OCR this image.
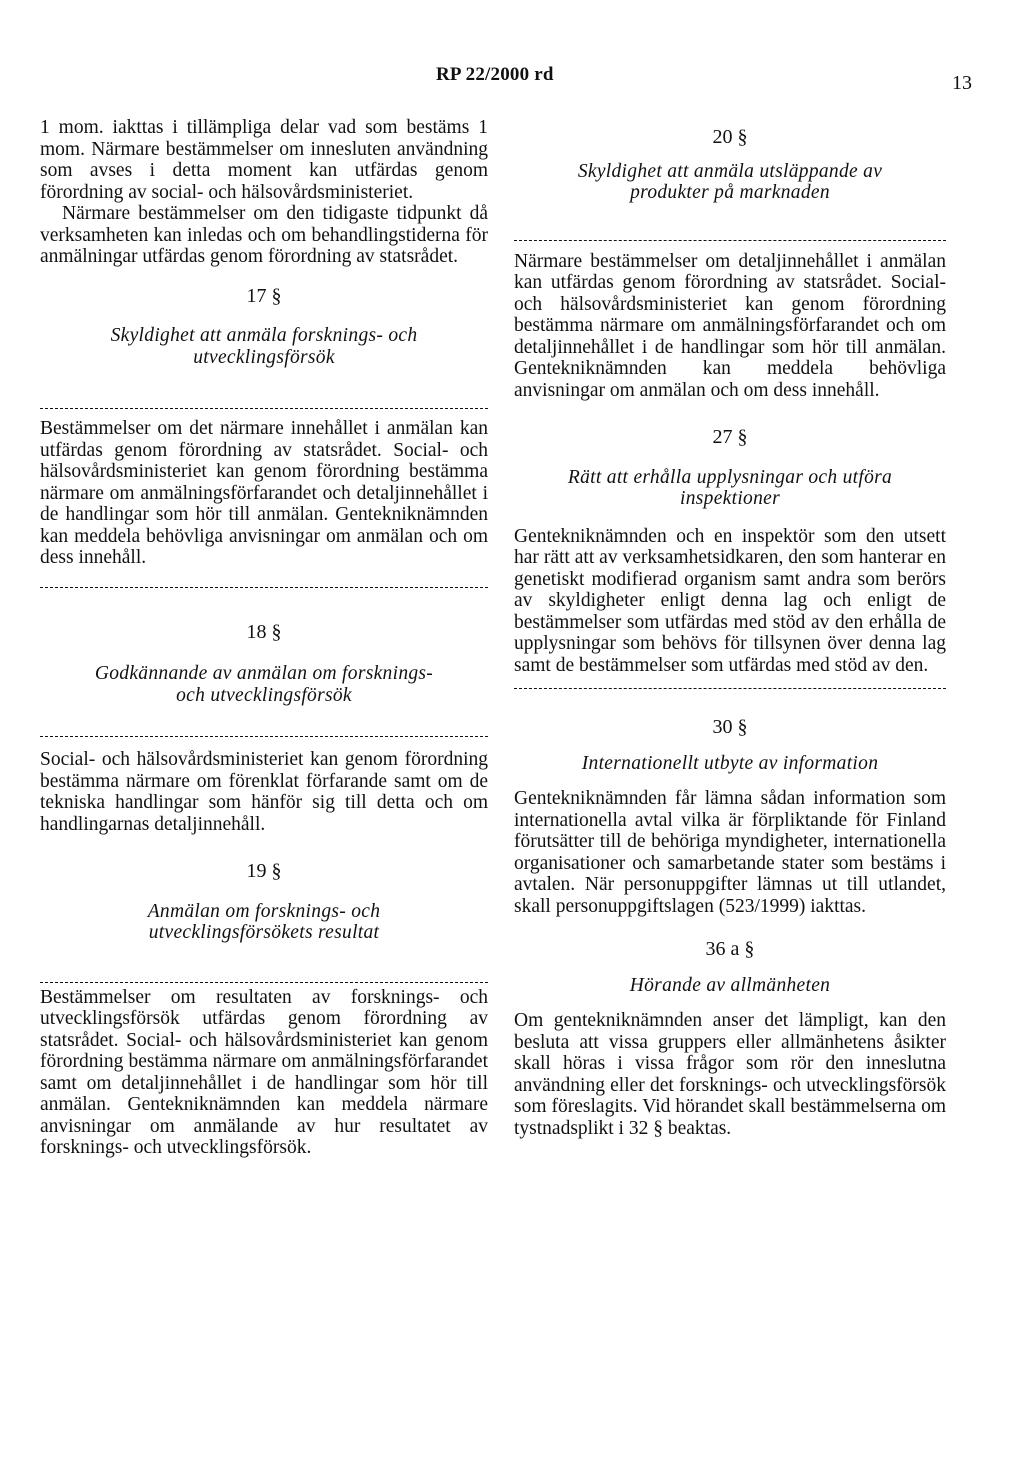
RP 22/2000 rd	13

1 mom. iakttas i tillämpliga delar vad som bestäms 1 mom. Närmare bestämmelser om innesluten användning som avses i detta moment kan utfärdas genom förordning av social- och hälsovårdsministeriet.

Närmare bestämmelser om den tidigaste tidpunkt då verksamheten kan inledas och om behandlingstiderna för anmälningar utfärdas genom förordning av statsrådet.

17 §

Skyldighet att anmäla forsknings- och utvecklingsförsök

Bestämmelser om det närmare innehållet i anmälan kan utfärdas genom förordning av statsrådet. Social- och hälsovårdsministeriet kan genom förordning bestämma närmare om anmälningsförfarandet och detaljinnehållet i de handlingar som hör till anmälan. Gentekniknämnden kan meddela behövliga anvisningar om anmälan och om dess innehåll.

18 §

Godkännande av anmälan om forsknings- och utvecklingsförsök

Social- och hälsovårdsministeriet kan genom förordning bestämma närmare om förenklat förfarande samt om de tekniska handlingar som hänför sig till detta och om handlingarnas detaljinnehåll.

19 §

Anmälan om forsknings- och utvecklingsförsökets resultat

Bestämmelser om resultaten av forsknings- och utvecklingsförsök utfärdas genom förordning av statsrådet. Social- och hälsovårdsministeriet kan genom förordning bestämma närmare om anmälningsförfarandet samt om detaljinnehållet i de handlingar som hör till anmälan. Gentekniknämnden kan meddela närmare anvisningar om anmälande av hur resultatet av forsknings- och utvecklingsförsök.

20 §

Skyldighet att anmäla utsläppande av produkter på marknaden

Närmare bestämmelser om detaljinnehållet i anmälan kan utfärdas genom förordning av statsrådet. Social- och hälsovårdsministeriet kan genom förordning bestämma närmare om anmälningsförfarandet och om detaljinnehållet i de handlingar som hör till anmälan. Gentekniknämnden kan meddela behövliga anvisningar om anmälan och om dess innehåll.

27 §

Rätt att erhålla upplysningar och utföra inspektioner

Gentekniknämnden och en inspektör som den utsett har rätt att av verksamhetsidkaren, den som hanterar en genetiskt modifierad organism samt andra som berörs av skyldigheter enligt denna lag och enligt de bestämmelser som utfärdas med stöd av den erhålla de upplysningar som behövs för tillsynen över denna lag samt de bestämmelser som utfärdas med stöd av den.

30 §

Internationellt utbyte av information

Gentekniknämnden får lämna sådan information som internationella avtal vilka är förpliktande för Finland förutsätter till de behöriga myndigheter, internationella organisationer och samarbetande stater som bestäms i avtalen. När personuppgifter lämnas ut till utlandet, skall personuppgiftslagen (523/1999) iakttas.

36 a §

Hörande av allmänheten

Om gentekniknämnden anser det lämpligt, kan den besluta att vissa gruppers eller allmänhetens åsikter skall höras i vissa frågor som rör den inneslutna användning eller det forsknings- och utvecklingsförsök som föreslagits. Vid hörandet skall bestämmelserna om tystnadsplikt i 32 § beaktas.
